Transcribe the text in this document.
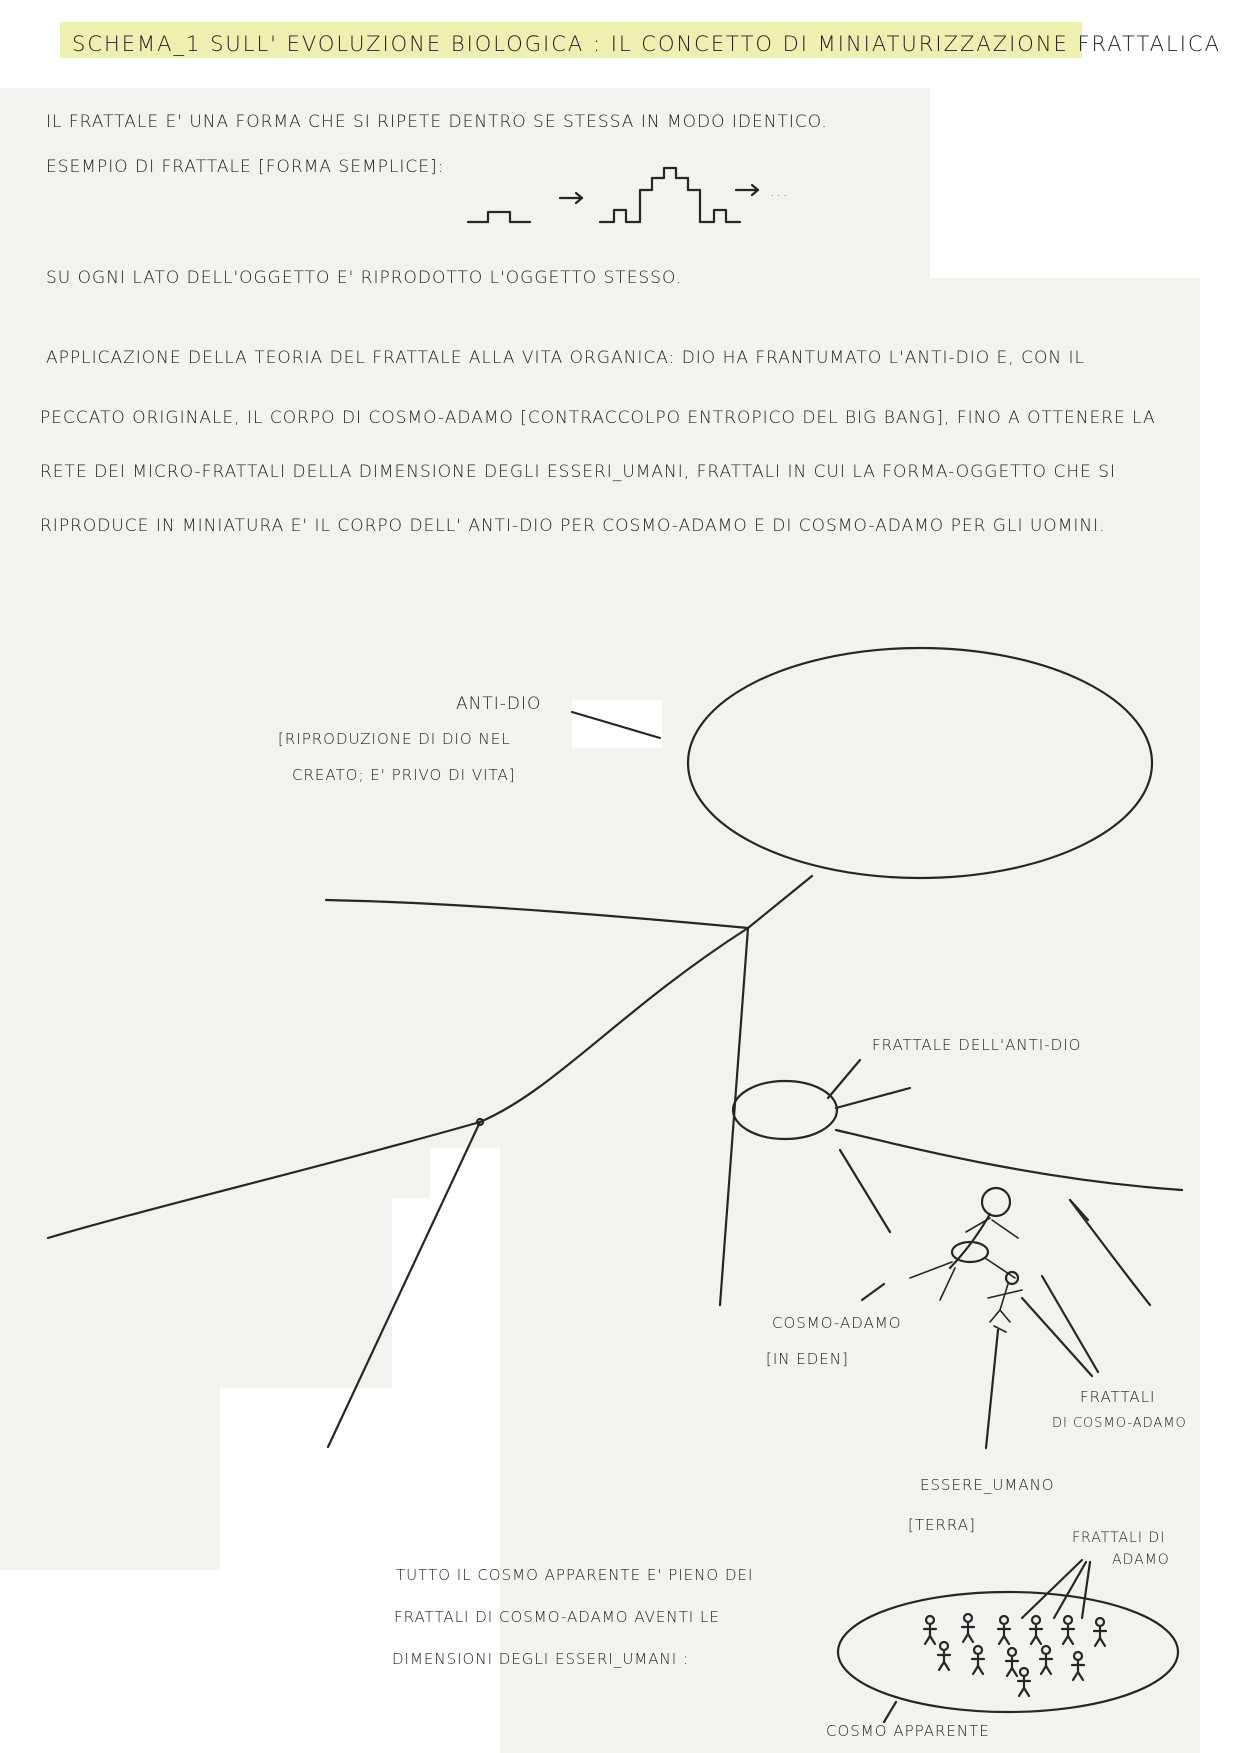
SCHEMA_1 SULL' EVOLUZIONE BIOLOGICA : IL CONCETTO DI MINIATURIZZAZIONE FRATTALICA

IL FRATTALE E' UNA FORMA CHE SI RIPETE DENTRO SE STESSA IN MODO IDENTICO.

ESEMPIO DI FRATTALE [FORMA SEMPLICE]:

...

SU OGNI LATO DELL'OGGETTO E' RIPRODOTTO L'OGGETTO STESSO.

APPLICAZIONE DELLA TEORIA DEL FRATTALE ALLA VITA ORGANICA: DIO HA FRANTUMATO L'ANTI-DIO E, CON IL

PECCATO ORIGINALE, IL CORPO DI COSMO-ADAMO [CONTRACCOLPO ENTROPICO DEL BIG BANG], FINO A OTTENERE LA

RETE DEI MICRO-FRATTALI DELLA DIMENSIONE DEGLI ESSERI_UMANI, FRATTALI IN CUI LA FORMA-OGGETTO CHE SI

RIPRODUCE IN MINIATURA E' IL CORPO DELL' ANTI-DIO PER COSMO-ADAMO E DI COSMO-ADAMO PER GLI UOMINI.

ANTI-DIO

[RIPRODUZIONE DI DIO NEL

CREATO; E' PRIVO DI VITA]

FRATTALE DELL'ANTI-DIO

COSMO-ADAMO

[IN EDEN]

FRATTALI

DI COSMO-ADAMO

ESSERE_UMANO

[TERRA]

FRATTALI DI

ADAMO

TUTTO IL COSMO APPARENTE E' PIENO DEI

FRATTALI DI COSMO-ADAMO AVENTI LE

DIMENSIONI DEGLI ESSERI_UMANI :

COSMO APPARENTE
